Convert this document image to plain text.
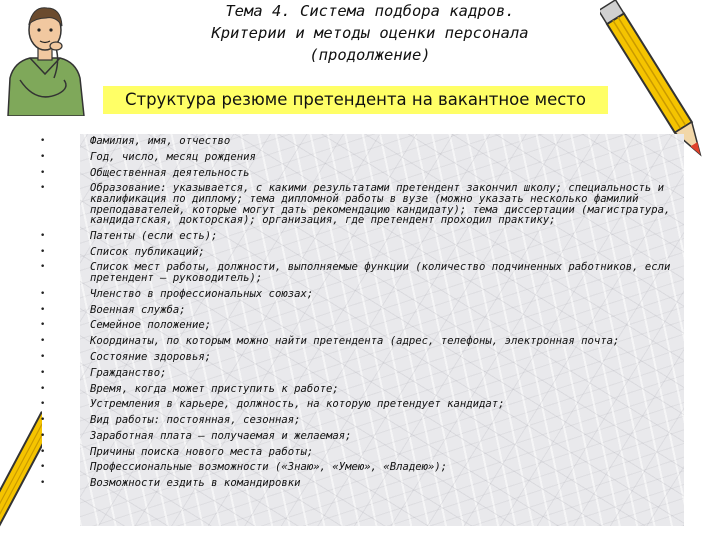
Тема 4. Система подбора кадров.
Критерии и методы оценки персонала
(продолжение)
Структура резюме претендента на вакантное место
•
•
•
•
•
•
•
•
•
•
•
•
•
•
•
•
•
•
•
•
Фамилия, имя, отчество
Год, число, месяц рождения
Общественная деятельность
Образование: указывается, с какими результатами претендент закончил школу; специальность и квалификация по диплому; тема дипломной работы в вузе (можно указать несколько фамилий преподавателей, которые могут дать рекомендацию кандидату); тема диссертации (магистратура, кандидатская, докторская); организация, где претендент проходил практику;
Патенты (если есть);
Список публикаций;
Список мест работы, должности, выполняемые функции (количество подчиненных работников, если претендент – руководитель);
Членство в профессиональных союзах;
Военная служба;
Семейное положение;
Координаты, по которым можно найти претендента (адрес, телефоны, электронная почта;
Состояние здоровья;
Гражданство;
Время, когда может приступить к работе;
Устремления в карьере, должность, на которую претендует кандидат;
Вид работы: постоянная, сезонная;
Заработная плата – получаемая и желаемая;
Причины поиска нового места работы;
Профессиональные возможности («Знаю», «Умею», «Владею»);
Возможности ездить в командировки
